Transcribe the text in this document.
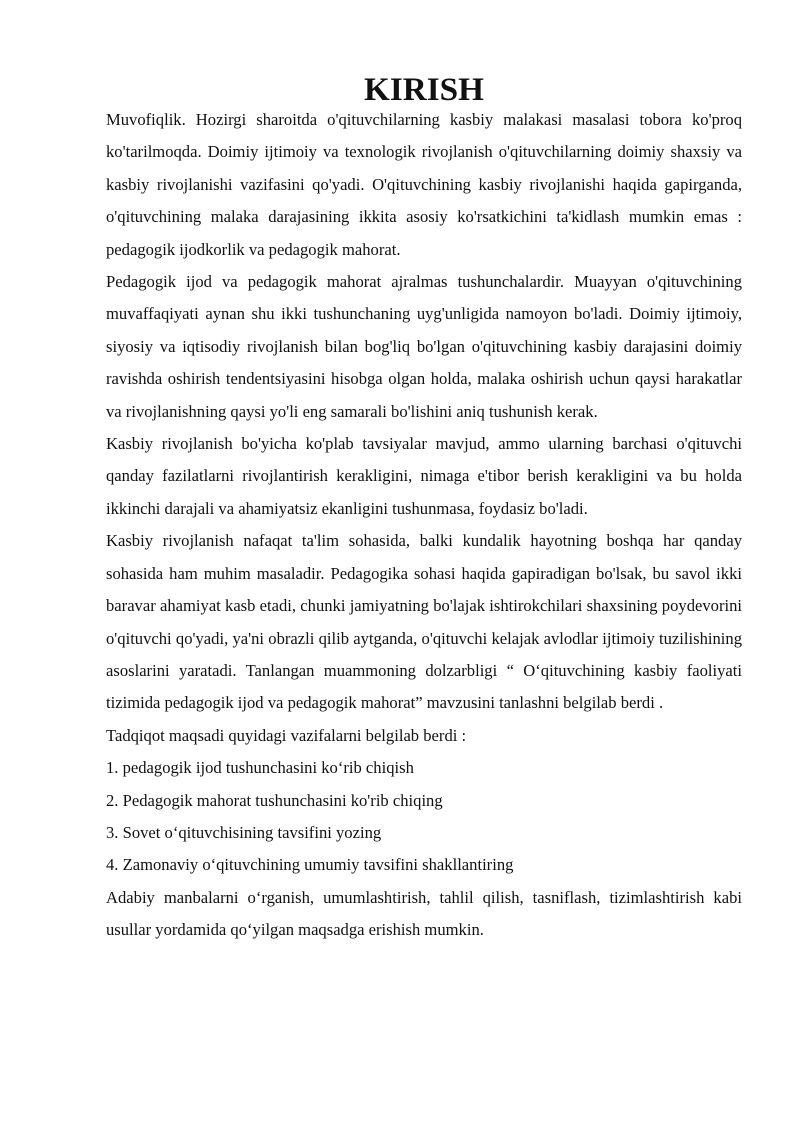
KIRISH

Muvofiqlik. Hozirgi sharoitda o'qituvchilarning kasbiy malakasi masalasi tobora ko'proq ko'tarilmoqda. Doimiy ijtimoiy va texnologik rivojlanish o'qituvchilarning doimiy shaxsiy va kasbiy rivojlanishi vazifasini qo'yadi. O'qituvchining kasbiy rivojlanishi haqida gapirganda, o'qituvchining malaka darajasining ikkita asosiy ko'rsatkichini ta'kidlash mumkin emas : pedagogik ijodkorlik va pedagogik mahorat.

Pedagogik ijod va pedagogik mahorat ajralmas tushunchalardir. Muayyan o'qituvchining muvaffaqiyati aynan shu ikki tushunchaning uyg'unligida namoyon bo'ladi. Doimiy ijtimoiy, siyosiy va iqtisodiy rivojlanish bilan bog'liq bo'lgan o'qituvchining kasbiy darajasini doimiy ravishda oshirish tendentsiyasini hisobga olgan holda, malaka oshirish uchun qaysi harakatlar va rivojlanishning qaysi yo'li eng samarali bo'lishini aniq tushunish kerak.

Kasbiy rivojlanish bo'yicha ko'plab tavsiyalar mavjud, ammo ularning barchasi o'qituvchi qanday fazilatlarni rivojlantirish kerakligini, nimaga e'tibor berish kerakligini va bu holda ikkinchi darajali va ahamiyatsiz ekanligini tushunmasa, foydasiz bo'ladi.

Kasbiy rivojlanish nafaqat ta'lim sohasida, balki kundalik hayotning boshqa har qanday sohasida ham muhim masaladir. Pedagogika sohasi haqida gapiradigan bo'lsak, bu savol ikki baravar ahamiyat kasb etadi, chunki jamiyatning bo'lajak ishtirokchilari shaxsining poydevorini o'qituvchi qo'yadi, ya'ni obrazli qilib aytganda, o'qituvchi kelajak avlodlar ijtimoiy tuzilishining asoslarini yaratadi. Tanlangan muammoning dolzarbligi “ O‘qituvchining kasbiy faoliyati tizimida pedagogik ijod va pedagogik mahorat” mavzusini tanlashni belgilab berdi .

Tadqiqot maqsadi quyidagi vazifalarni belgilab berdi :

1. pedagogik ijod tushunchasini ko‘rib chiqish

2. Pedagogik mahorat tushunchasini ko'rib chiqing

3. Sovet o‘qituvchisining tavsifini yozing

4. Zamonaviy o‘qituvchining umumiy tavsifini shakllantiring

Adabiy manbalarni o‘rganish, umumlashtirish, tahlil qilish, tasniflash, tizimlashtirish kabi usullar yordamida qo‘yilgan maqsadga erishish mumkin.
